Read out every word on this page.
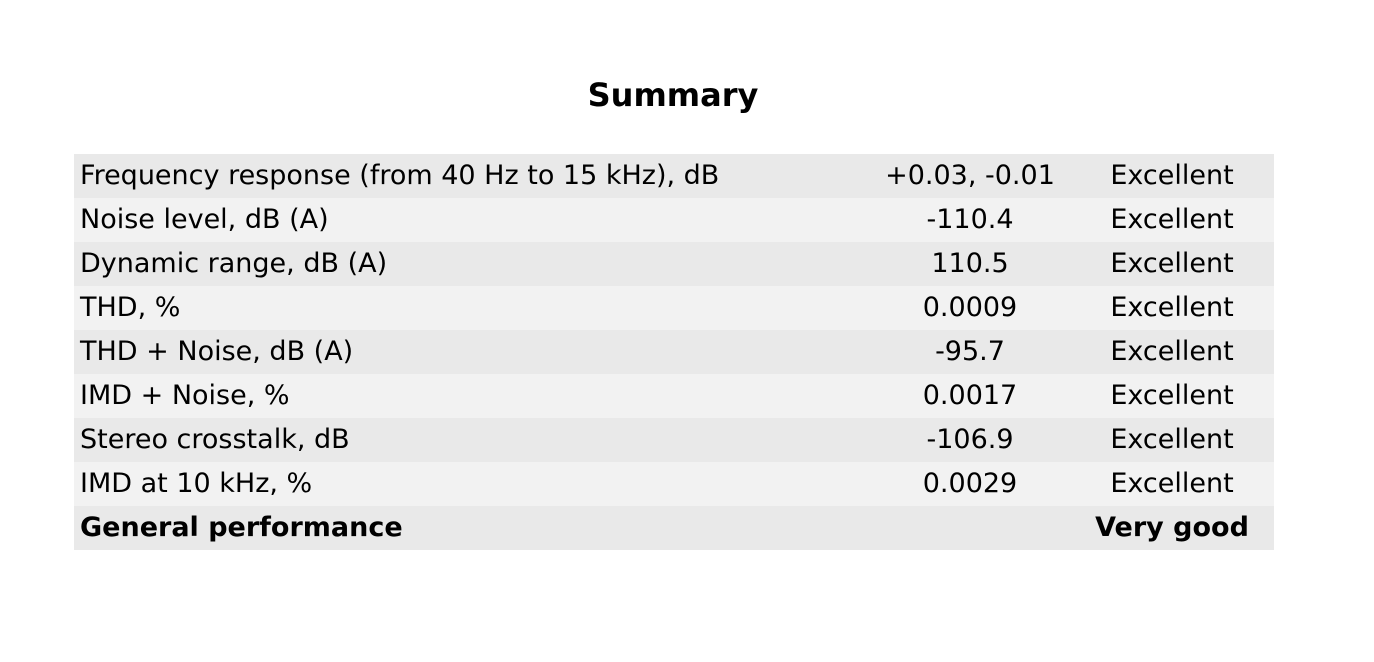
Summary
Frequency response (from 40 Hz to 15 kHz), dB	+0.03, -0.01	Excellent
Noise level, dB (A)	-110.4	Excellent
Dynamic range, dB (A)	110.5	Excellent
THD, %	0.0009	Excellent
THD + Noise, dB (A)	-95.7	Excellent
IMD + Noise, %	0.0017	Excellent
Stereo crosstalk, dB	-106.9	Excellent
IMD at 10 kHz, %	0.0029	Excellent
General performance		Very good
